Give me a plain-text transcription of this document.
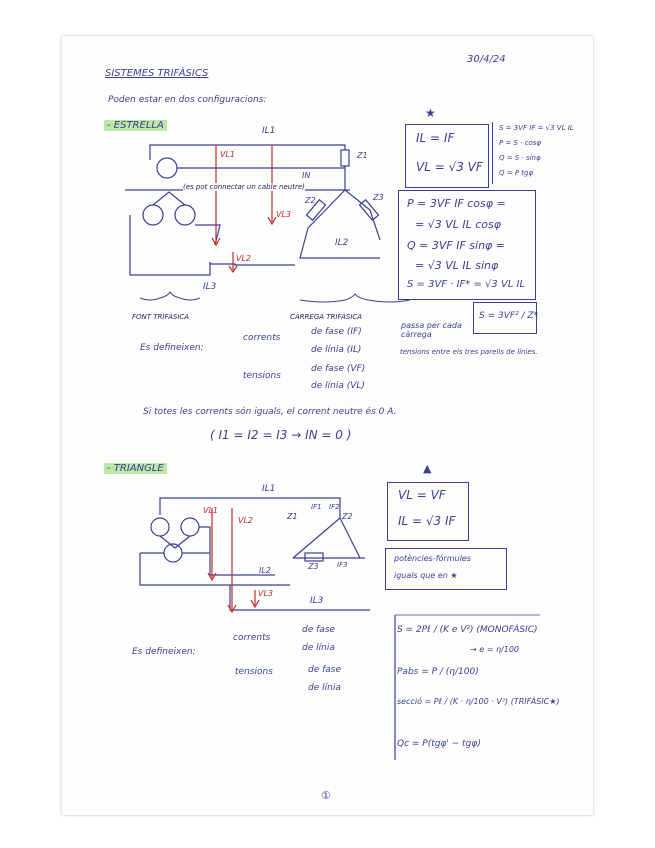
30/4/24
SISTEMES TRIFÀSICS
Poden estar en dos configuracions:
- ESTRELLA	IL1
Z1
VL1
IN
(es pot connectar un cable neutre)
Z3
Z2
VL3
IL2
VL2
IL3
FONT TRIFÀSICA	CÀRREGA TRIFÀSICA
★
IL = IF
VL = √3 VF
S = 3VF IF = √3 VL IL
P = S · cosφ
Q = S · sinφ
Q = P tgφ
P = 3VF IF cosφ =
= √3 VL IL cosφ
Q = 3VF IF sinφ =
= √3 VL IL sinφ
S = 3VF · IF* = √3 VL IL
S = 3VF² / Z*
Es defineixen:
corrents
de fase (IF)
de línia (IL)
passa per cada càrrega
tensions
de fase (VF)
de línia (VL)
tensions entre els tres parells de línies.
Si totes les corrents són iguals, el corrent neutre és 0 A.
( I1 = I2 = I3 → IN = 0 )
- TRIANGLE	▲
IL1
VL1
VL2	Z1
IF1 IF2
Z2
Z3	IF3
IL2
VL3
IL3
VL = VF
IL = √3 IF
potències-fórmules
iguals que en ★
Es defineixen:
corrents
de fase
de línia
tensions	de fase
de línia
S = 2Pℓ / (K e V²) (MONOFÀSIC)
→ e = η/100
Pabs = P / (η/100)
secció = Pℓ / (K · η/100 · V²) (TRIFÀSIC★)
Qc = P(tgφ' − tgφ)
①
